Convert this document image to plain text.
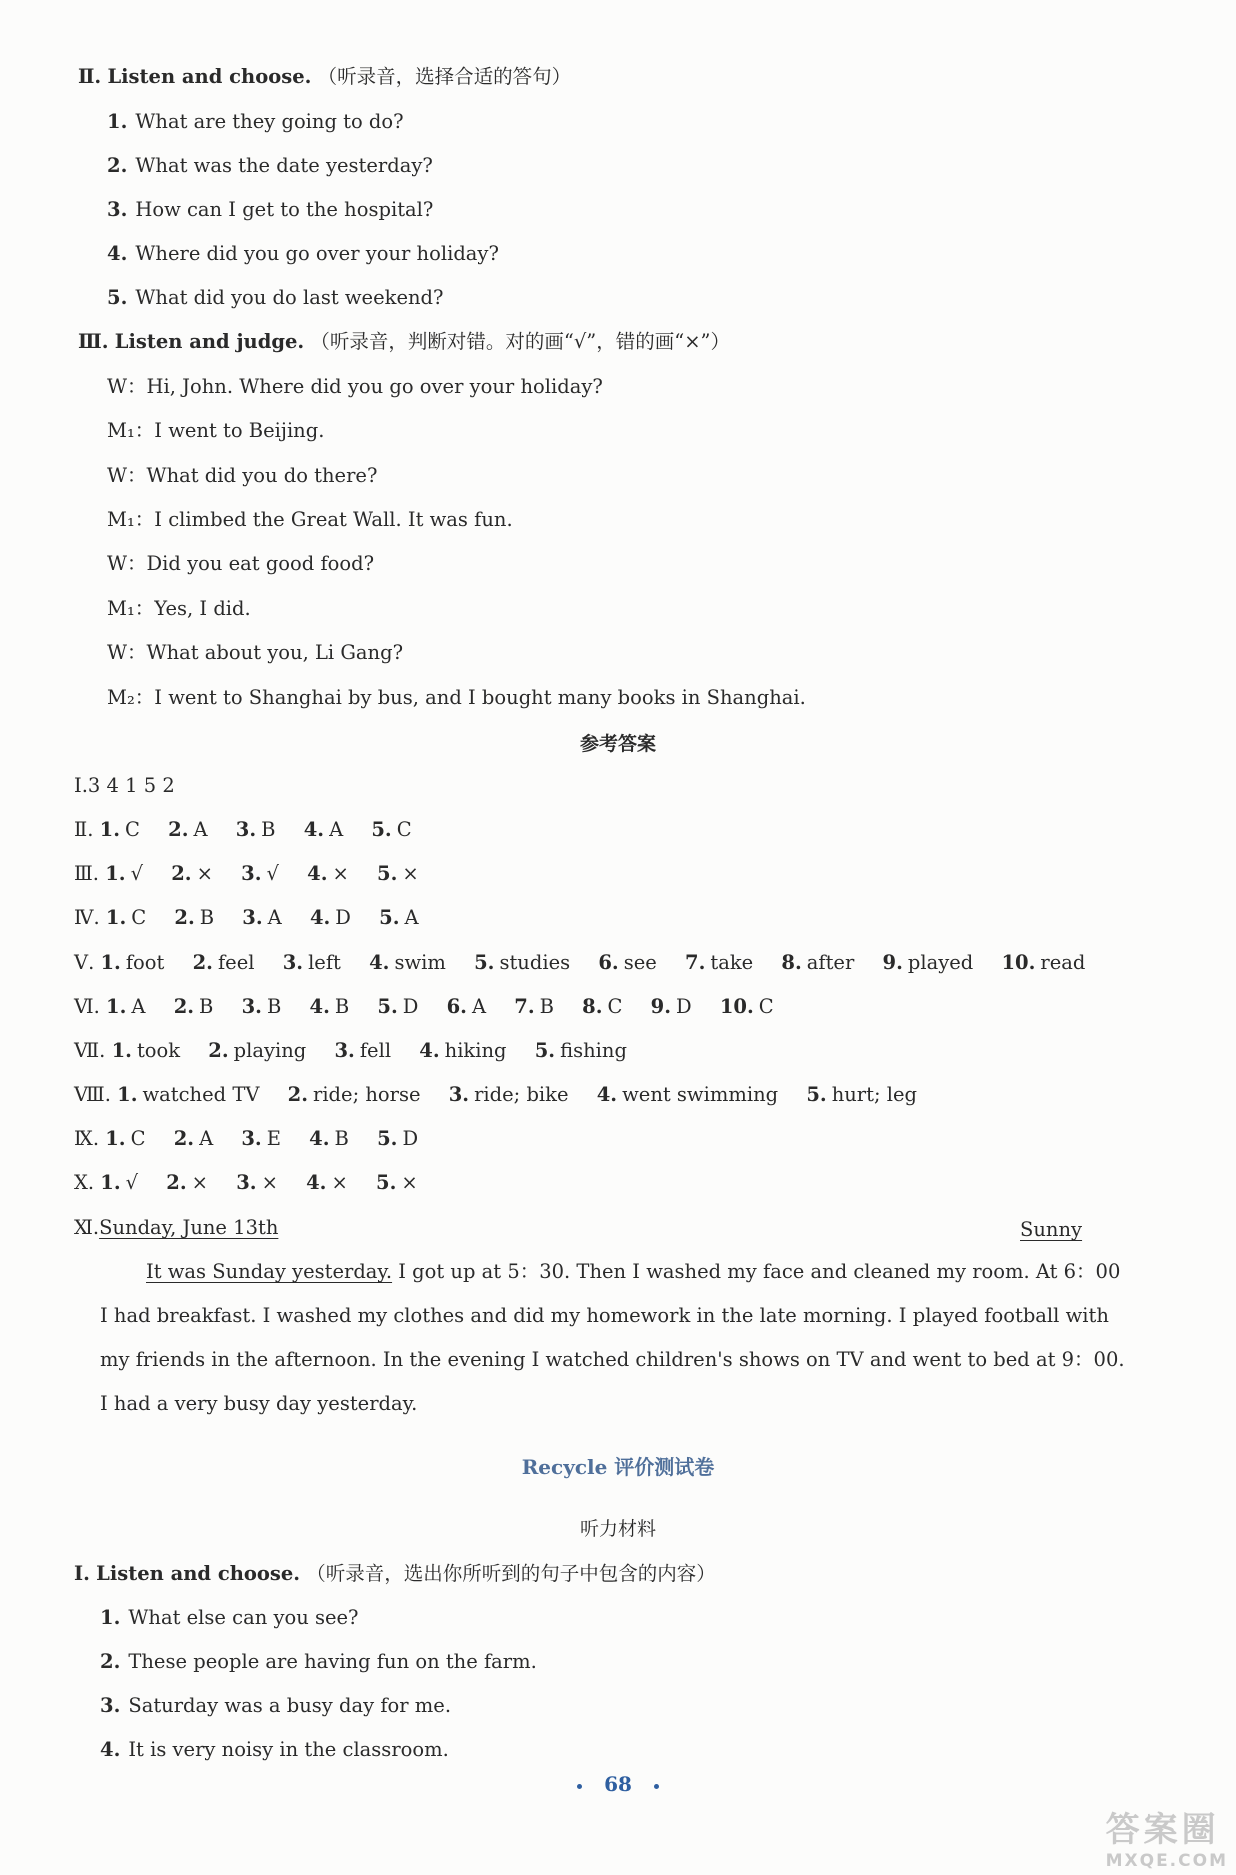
Ⅱ. Listen and choose. （听录音，选择合适的答句）
1. What are they going to do?
2. What was the date yesterday?
3. How can I get to the hospital?
4. Where did you go over your holiday?
5. What did you do last weekend?
Ⅲ. Listen and judge. （听录音，判断对错。对的画“√”，错的画“×”）
W：Hi, John. Where did you go over your holiday?
M₁：I went to Beijing.
W：What did you do there?
M₁：I climbed the Great Wall. It was fun.
W：Did you eat good food?
M₁：Yes, I did.
W：What about you, Li Gang?
M₂：I went to Shanghai by bus, and I bought many books in Shanghai.
参考答案
Ⅰ.3 4 1 5 2
Ⅱ. 1. C 2. A 3. B 4. A 5. C
Ⅲ. 1. √ 2. × 3. √ 4. × 5. ×
Ⅳ. 1. C 2. B 3. A 4. D 5. A
Ⅴ. 1. foot 2. feel 3. left 4. swim 5. studies 6. see 7. take 8. after 9. played 10. read
Ⅵ. 1. A 2. B 3. B 4. B 5. D 6. A 7. B 8. C 9. D 10. C
Ⅶ. 1. took 2. playing 3. fell 4. hiking 5. fishing
Ⅷ. 1. watched TV 2. ride; horse 3. ride; bike 4. went swimming 5. hurt; leg
Ⅸ. 1. C 2. A 3. E 4. B 5. D
Ⅹ. 1. √ 2. × 3. × 4. × 5. ×
Ⅺ.Sunday, June 13th	Sunny
It was Sunday yesterday. I got up at 5：30. Then I washed my face and cleaned my room. At 6：00
I had breakfast. I washed my clothes and did my homework in the late morning. I played football with
my friends in the afternoon. In the evening I watched children's shows on TV and went to bed at 9：00.
I had a very busy day yesterday.
Recycle 评价测试卷
听力材料
Ⅰ. Listen and choose. （听录音，选出你所听到的句子中包含的内容）
1. What else can you see?
2. These people are having fun on the farm.
3. Saturday was a busy day for me.
4. It is very noisy in the classroom.
68
答案圈
MXQE.COM
